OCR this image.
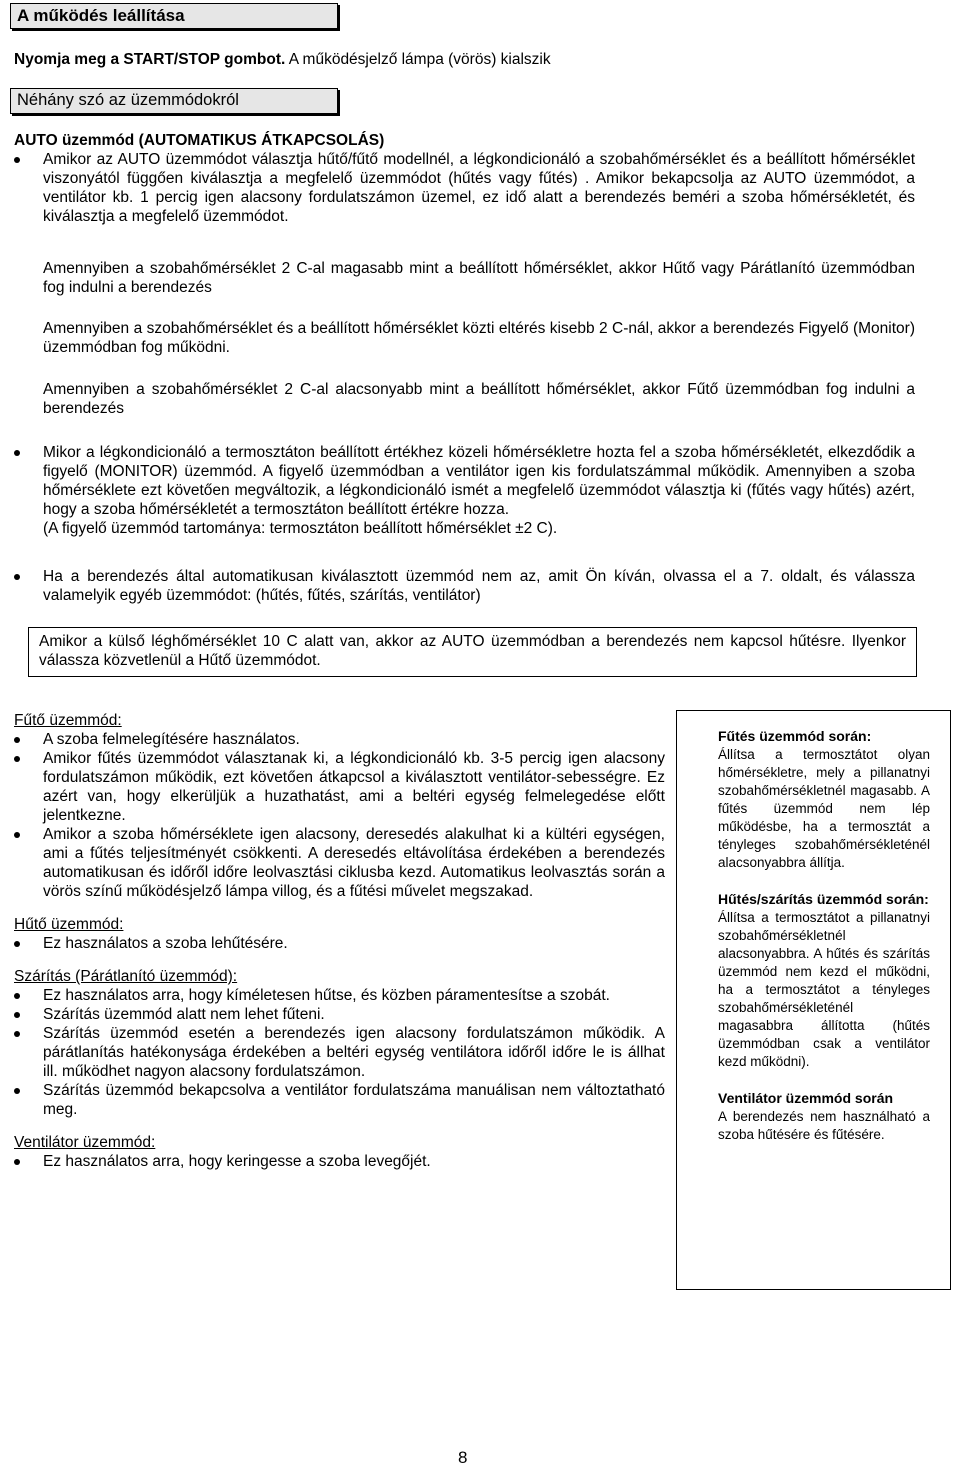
A működés leállítása
Nyomja meg a START/STOP gombot. A működésjelző lámpa (vörös) kialszik
Néhány szó az üzemmódokról
AUTO üzemmód (AUTOMATIKUS ÁTKAPCSOLÁS)
Amikor az AUTO üzemmódot választja hűtő/fűtő modellnél, a légkondicionáló a szobahőmérséklet és a beállított hőmérséklet viszonyától függően kiválasztja a megfelelő üzemmódot (hűtés vagy fűtés) . Amikor bekapcsolja az AUTO üzemmódot, a ventilátor kb. 1 percig igen alacsony fordulatszámon üzemel, ez idő alatt a berendezés beméri a szoba hőmérsékletét, és kiválasztja a megfelelő üzemmódot.
Amennyiben a szobahőmérséklet 2 C-al magasabb mint a beállított hőmérséklet, akkor Hűtő vagy Párátlanító üzemmódban fog indulni a berendezés
Amennyiben a szobahőmérséklet és a beállított hőmérséklet közti eltérés kisebb 2 C-nál, akkor a berendezés Figyelő (Monitor) üzemmódban fog működni.
Amennyiben a szobahőmérséklet 2 C-al alacsonyabb mint a beállított hőmérséklet, akkor Fűtő üzemmódban fog indulni a berendezés
Mikor a légkondicionáló a termosztáton beállított értékhez közeli hőmérsékletre hozta fel a szoba hőmérsékletét, elkezdődik a figyelő (MONITOR) üzemmód. A figyelő üzemmódban a ventilátor igen kis fordulatszámmal működik. Amennyiben a szoba hőmérséklete ezt követően megváltozik, a légkondicionáló ismét a megfelelő üzemmódot választja ki (fűtés vagy hűtés) azért, hogy a szoba hőmérsékletét a termosztáton beállított értékre hozza.
(A figyelő üzemmód tartománya: termosztáton beállított hőmérséklet ±2 C).
Ha a berendezés által automatikusan kiválasztott üzemmód nem az, amit Ön kíván, olvassa el a 7. oldalt, és válassza valamelyik egyéb üzemmódot: (hűtés, fűtés, szárítás, ventilátor)
Amikor a külső léghőmérséklet 10 C alatt van, akkor az AUTO üzemmódban a berendezés nem kapcsol hűtésre. Ilyenkor válassza közvetlenül a Hűtő üzemmódot.
Fűtő üzemmód:
A szoba felmelegítésére használatos.
Amikor fűtés üzemmódot választanak ki, a légkondicionáló kb. 3-5 percig igen alacsony fordulatszámon működik, ezt követően átkapcsol a kiválasztott ventilátor-sebességre. Ez azért van, hogy elkerüljük a huzathatást, ami a beltéri egység felmelegedése előtt jelentkezne.
Amikor a szoba hőmérséklete igen alacsony, deresedés alakulhat ki a kültéri egységen, ami a fűtés teljesítményét csökkenti. A deresedés eltávolítása érdekében a berendezés automatikusan és időről időre leolvasztási ciklusba kezd. Automatikus leolvasztás során a vörös színű működésjelző lámpa villog, és a fűtési művelet megszakad.
Hűtő üzemmód:
Ez használatos a szoba lehűtésére.
Szárítás (Párátlanító üzemmód):
Ez használatos arra, hogy kíméletesen hűtse, és közben páramentesítse a szobát.
Szárítás üzemmód alatt nem lehet fűteni.
Szárítás üzemmód esetén a berendezés igen alacsony fordulatszámon működik. A párátlanítás hatékonysága érdekében a beltéri egység ventilátora időről időre le is állhat ill. működhet nagyon alacsony fordulatszámon.
Szárítás üzemmód bekapcsolva a ventilátor fordulatszáma manuálisan nem változtatható meg.
Ventilátor üzemmód:
Ez használatos arra, hogy keringesse a szoba levegőjét.
Fűtés üzemmód során:
Állítsa a termosztátot olyan hőmérsékletre, mely a pillanatnyi szobahőmérsékletnél magasabb. A fűtés üzemmód nem lép működésbe, ha a termosztát a tényleges szobahőmérsékleténél alacsonyabbra állítja.
Hűtés/szárítás üzemmód során:
Állítsa a termosztátot a pillanatnyi szobahőmérsékletnél alacsonyabbra. A hűtés és szárítás üzemmód nem kezd el működni, ha a termosztátot a tényleges szobahőmérsékleténél magasabbra állította (hűtés üzemmódban csak a ventilátor kezd működni).
Ventilátor üzemmód során
A berendezés nem használható a szoba hűtésére és fűtésére.
8
